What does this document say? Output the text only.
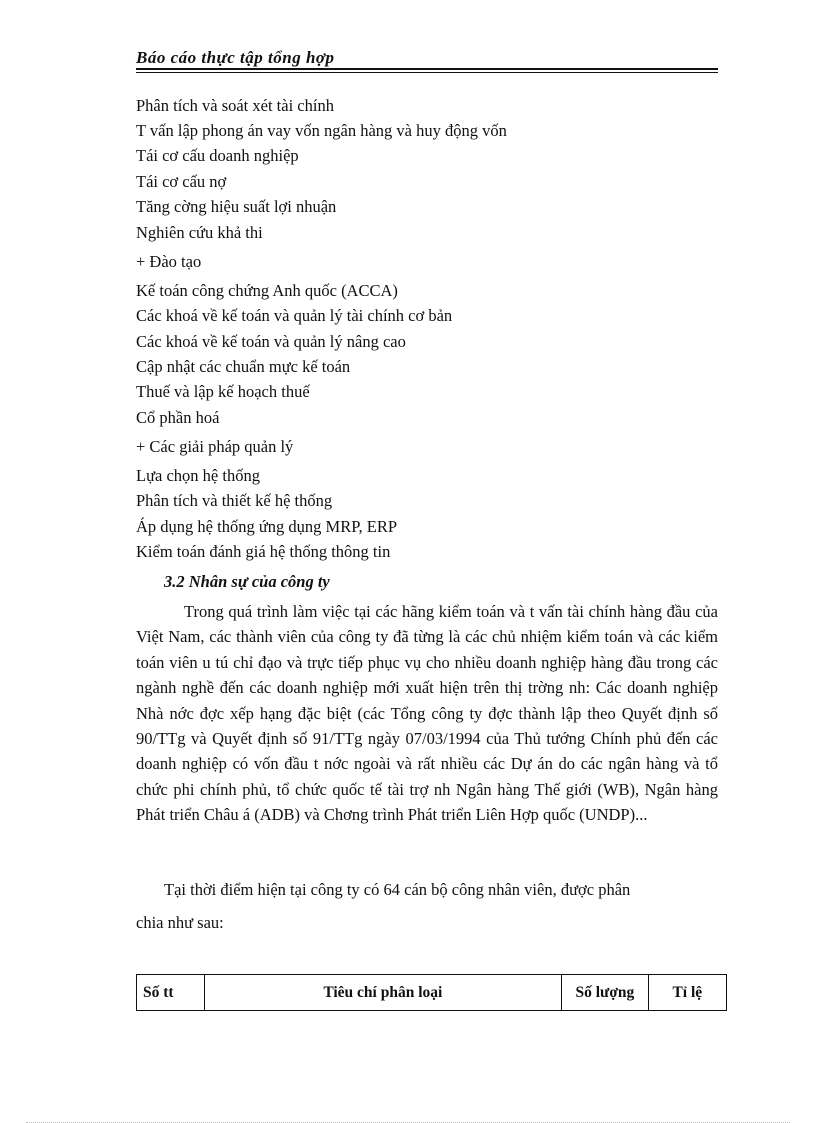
Báo cáo thực tập tổng hợp
Phân tích và soát xét tài chính
T vấn lập phong án vay vốn ngân hàng và huy động vốn
Tái cơ cấu doanh nghiệp
Tái cơ cấu nợ
Tăng cờng hiệu suất lợi nhuận
Nghiên cứu khả thi
+ Đào tạo
Kế toán công chứng Anh quốc (ACCA)
Các khoá về kế toán và quản lý tài chính cơ bản
Các khoá về kế toán và quản lý nâng cao
Cập nhật các chuẩn mực kế toán
Thuế và lập kế hoạch thuế
Cổ phần hoá
+ Các giải pháp quản lý
Lựa chọn hệ thống
Phân tích và thiết kế hệ thống
Áp dụng hệ thống ứng dụng MRP, ERP
Kiểm toán đánh giá hệ thống thông tin
3.2 Nhân sự của công ty
Trong quá trình làm việc tại các hãng kiểm toán và t vấn tài chính hàng đầu của Việt Nam, các thành viên của công ty đã từng là các chủ nhiệm kiểm toán và các kiểm toán viên u tú chỉ đạo và trực tiếp phục vụ cho nhiều doanh nghiệp hàng đầu trong các ngành nghề đến các doanh nghiệp mới xuất hiện trên thị trờng nh: Các doanh nghiệp Nhà nớc đợc xếp hạng đặc biệt (các Tổng công ty đợc thành lập theo Quyết định số 90/TTg và Quyết định số 91/TTg ngày 07/03/1994 của Thủ tướng Chính phủ đến các doanh nghiệp có vốn đầu t nớc ngoài và rất nhiều các Dự án do các ngân hàng và tổ chức phi chính phủ, tổ chức quốc tế tài trợ nh Ngân hàng Thế giới (WB), Ngân hàng Phát triển Châu á (ADB) và Chơng trình Phát triển Liên Hợp quốc (UNDP)...
Tại thời điểm hiện tại công ty có 64 cán bộ công nhân viên, được phân
chia như sau:
Số tt	Tiêu chí phân loại	Số lượng	Tỉ lệ
